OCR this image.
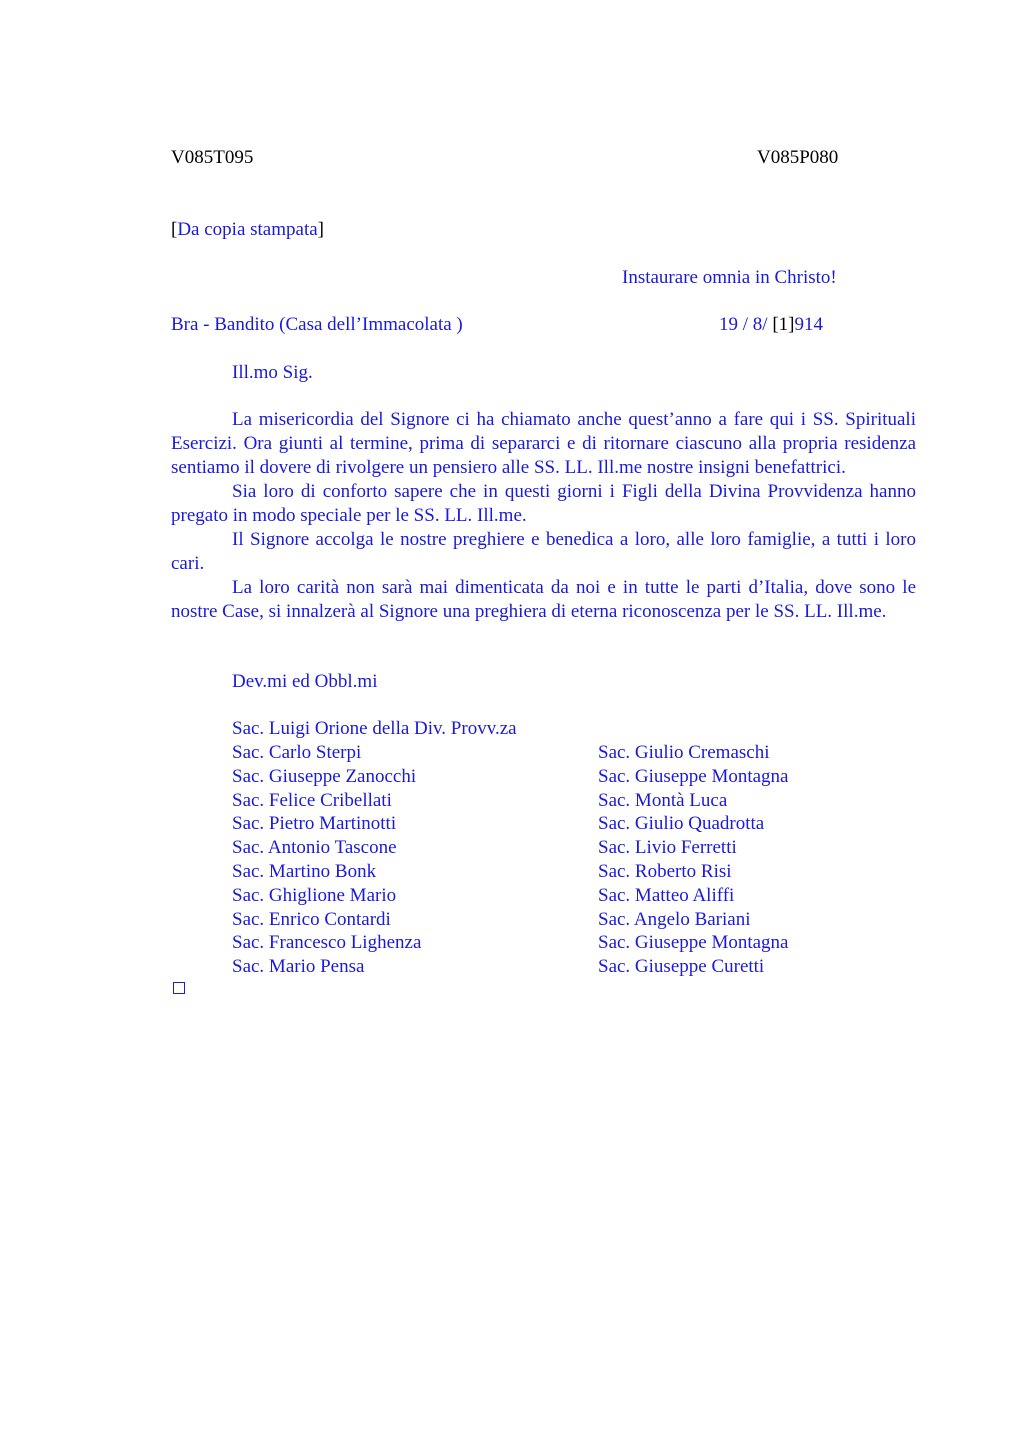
V085T095	V085P080
[Da copia stampata]
Instaurare omnia in Christo!
Bra - Bandito (Casa dell’Immacolata )	19 / 8/ [1]914
Ill.mo Sig.

La misericordia del Signore ci ha chiamato anche quest’anno a fare qui i SS. Spirituali Esercizi. Ora giunti al termine, prima di separarci e di ritornare ciascuno alla propria residenza sentiamo il dovere di rivolgere un pensiero alle SS. LL. Ill.me nostre insigni benefattrici.

Sia loro di conforto sapere che in questi giorni i Figli della Divina Provvidenza hanno pregato in modo speciale per le SS. LL. Ill.me.

Il Signore accolga le nostre preghiere e benedica a loro, alle loro famiglie, a tutti i loro cari.

La loro carità non sarà mai dimenticata da noi e in tutte le parti d’Italia, dove sono le nostre Case, si innalzerà al Signore una preghiera di eterna riconoscenza per le SS. LL. Ill.me.

Dev.mi ed Obbl.mi
Sac. Luigi Orione della Div. Provv.za
Sac. Carlo Sterpi
Sac. Giuseppe Zanocchi
Sac. Felice Cribellati
Sac. Pietro Martinotti
Sac. Antonio Tascone
Sac. Martino Bonk
Sac. Ghiglione Mario
Sac. Enrico Contardi
Sac. Francesco Lighenza
Sac. Mario Pensa
Sac. Giulio Cremaschi
Sac. Giuseppe Montagna
Sac. Montà Luca
Sac. Giulio Quadrotta
Sac. Livio Ferretti
Sac. Roberto Risi
Sac. Matteo Aliffi
Sac. Angelo Bariani
Sac. Giuseppe Montagna
Sac. Giuseppe Curetti
